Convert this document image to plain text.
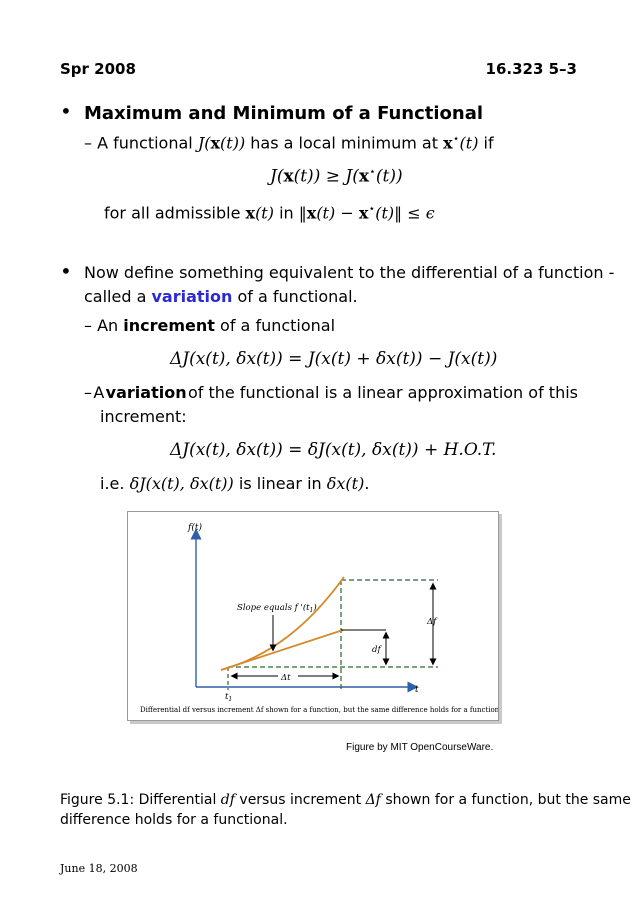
Spr 2008	16.323 5–3
• Maximum and Minimum of a Functional
– A functional J(x(t)) has a local minimum at x⋆(t) if
J(x(t)) ≥ J(x⋆(t))
for all admissible x(t) in ‖x(t) − x⋆(t)‖ ≤ ϵ
• Now define something equivalent to the differential of a function -
called a variation of a functional.
– An increment of a functional
ΔJ(x(t), δx(t)) = J(x(t) + δx(t)) − J(x(t))
– A variation of the functional is a linear approximation of this
increment:
ΔJ(x(t), δx(t)) = δJ(x(t), δx(t)) + H.O.T.
i.e. δJ(x(t), δx(t)) is linear in δx(t).
f(t)
t
Slope equals f '$(t_1)$
df
Δf
Δt
$t_1$
Differential df versus increment Δf shown for a function, but the same difference holds for a functional.
Figure by MIT OpenCourseWare.
Figure 5.1: Differential df versus increment Δf shown for a function, but the same
difference holds for a functional.
June 18, 2008
